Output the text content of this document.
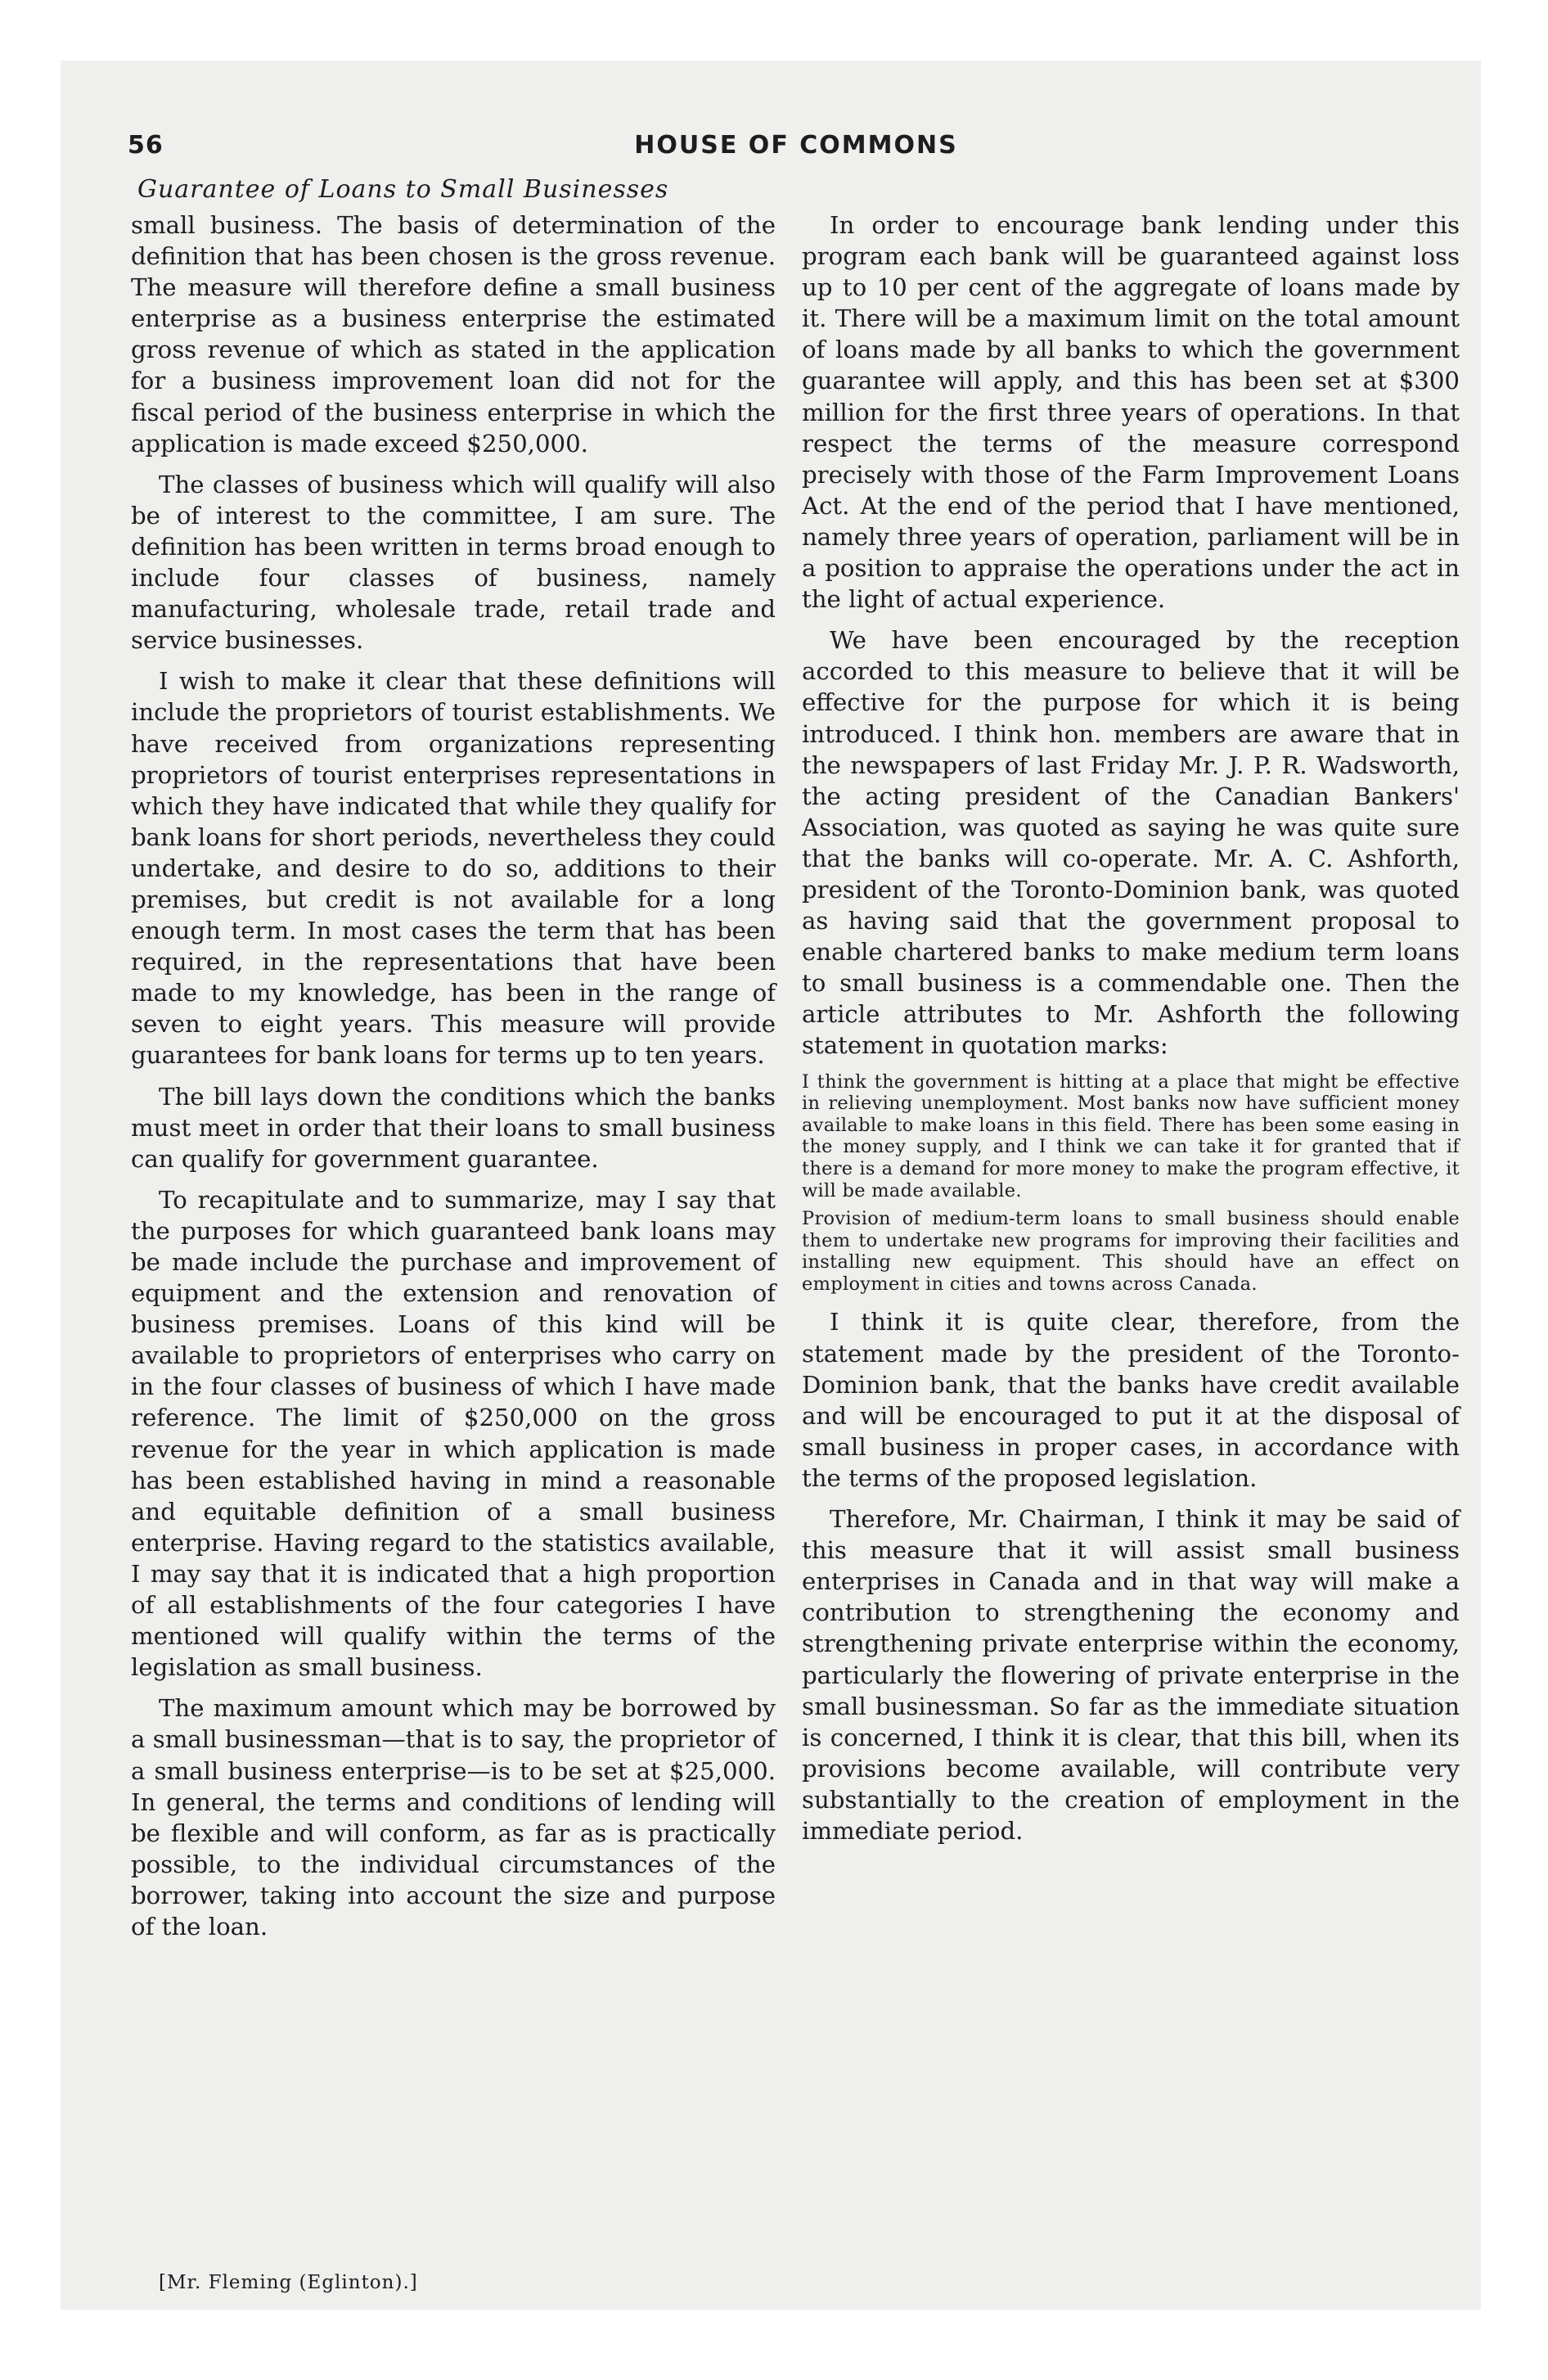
56	HOUSE OF COMMONS
Guarantee of Loans to Small Businesses

small business. The basis of determination of the definition that has been chosen is the gross revenue. The measure will therefore define a small business enterprise as a business enterprise the estimated gross revenue of which as stated in the application for a business improvement loan did not for the fiscal period of the business enterprise in which the application is made exceed $250,000.

The classes of business which will qualify will also be of interest to the committee, I am sure. The definition has been written in terms broad enough to include four classes of business, namely manufacturing, wholesale trade, retail trade and service businesses.

I wish to make it clear that these definitions will include the proprietors of tourist establishments. We have received from organizations representing proprietors of tourist enterprises representations in which they have indicated that while they qualify for bank loans for short periods, nevertheless they could undertake, and desire to do so, additions to their premises, but credit is not available for a long enough term. In most cases the term that has been required, in the representations that have been made to my knowledge, has been in the range of seven to eight years. This measure will provide guarantees for bank loans for terms up to ten years.

The bill lays down the conditions which the banks must meet in order that their loans to small business can qualify for government guarantee.

To recapitulate and to summarize, may I say that the purposes for which guaranteed bank loans may be made include the purchase and improvement of equipment and the extension and renovation of business premises. Loans of this kind will be available to proprietors of enterprises who carry on in the four classes of business of which I have made reference. The limit of $250,000 on the gross revenue for the year in which application is made has been established having in mind a reasonable and equitable definition of a small business enterprise. Having regard to the statistics available, I may say that it is indicated that a high proportion of all establishments of the four categories I have mentioned will qualify within the terms of the legislation as small business.

The maximum amount which may be borrowed by a small businessman—that is to say, the proprietor of a small business enterprise—is to be set at $25,000. In general, the terms and conditions of lending will be flexible and will conform, as far as is practically possible, to the individual circumstances of the borrower, taking into account the size and purpose of the loan.

In order to encourage bank lending under this program each bank will be guaranteed against loss up to 10 per cent of the aggregate of loans made by it. There will be a maximum limit on the total amount of loans made by all banks to which the government guarantee will apply, and this has been set at $300 million for the first three years of operations. In that respect the terms of the measure correspond precisely with those of the Farm Improvement Loans Act. At the end of the period that I have mentioned, namely three years of operation, parliament will be in a position to appraise the operations under the act in the light of actual experience.

We have been encouraged by the reception accorded to this measure to believe that it will be effective for the purpose for which it is being introduced. I think hon. members are aware that in the newspapers of last Friday Mr. J. P. R. Wadsworth, the acting president of the Canadian Bankers' Association, was quoted as saying he was quite sure that the banks will co-operate. Mr. A. C. Ashforth, president of the Toronto-Dominion bank, was quoted as having said that the government proposal to enable chartered banks to make medium term loans to small business is a commendable one. Then the article attributes to Mr. Ashforth the following statement in quotation marks:

I think the government is hitting at a place that might be effective in relieving unemployment. Most banks now have sufficient money available to make loans in this field. There has been some easing in the money supply, and I think we can take it for granted that if there is a demand for more money to make the program effective, it will be made available.

Provision of medium-term loans to small business should enable them to undertake new programs for improving their facilities and installing new equipment. This should have an effect on employment in cities and towns across Canada.

I think it is quite clear, therefore, from the statement made by the president of the Toronto-Dominion bank, that the banks have credit available and will be encouraged to put it at the disposal of small business in proper cases, in accordance with the terms of the proposed legislation.

Therefore, Mr. Chairman, I think it may be said of this measure that it will assist small business enterprises in Canada and in that way will make a contribution to strengthening the economy and strengthening private enterprise within the economy, particularly the flowering of private enterprise in the small businessman. So far as the immediate situation is concerned, I think it is clear, that this bill, when its provisions become available, will contribute very substantially to the creation of employment in the immediate period.

[Mr. Fleming (Eglinton).]
